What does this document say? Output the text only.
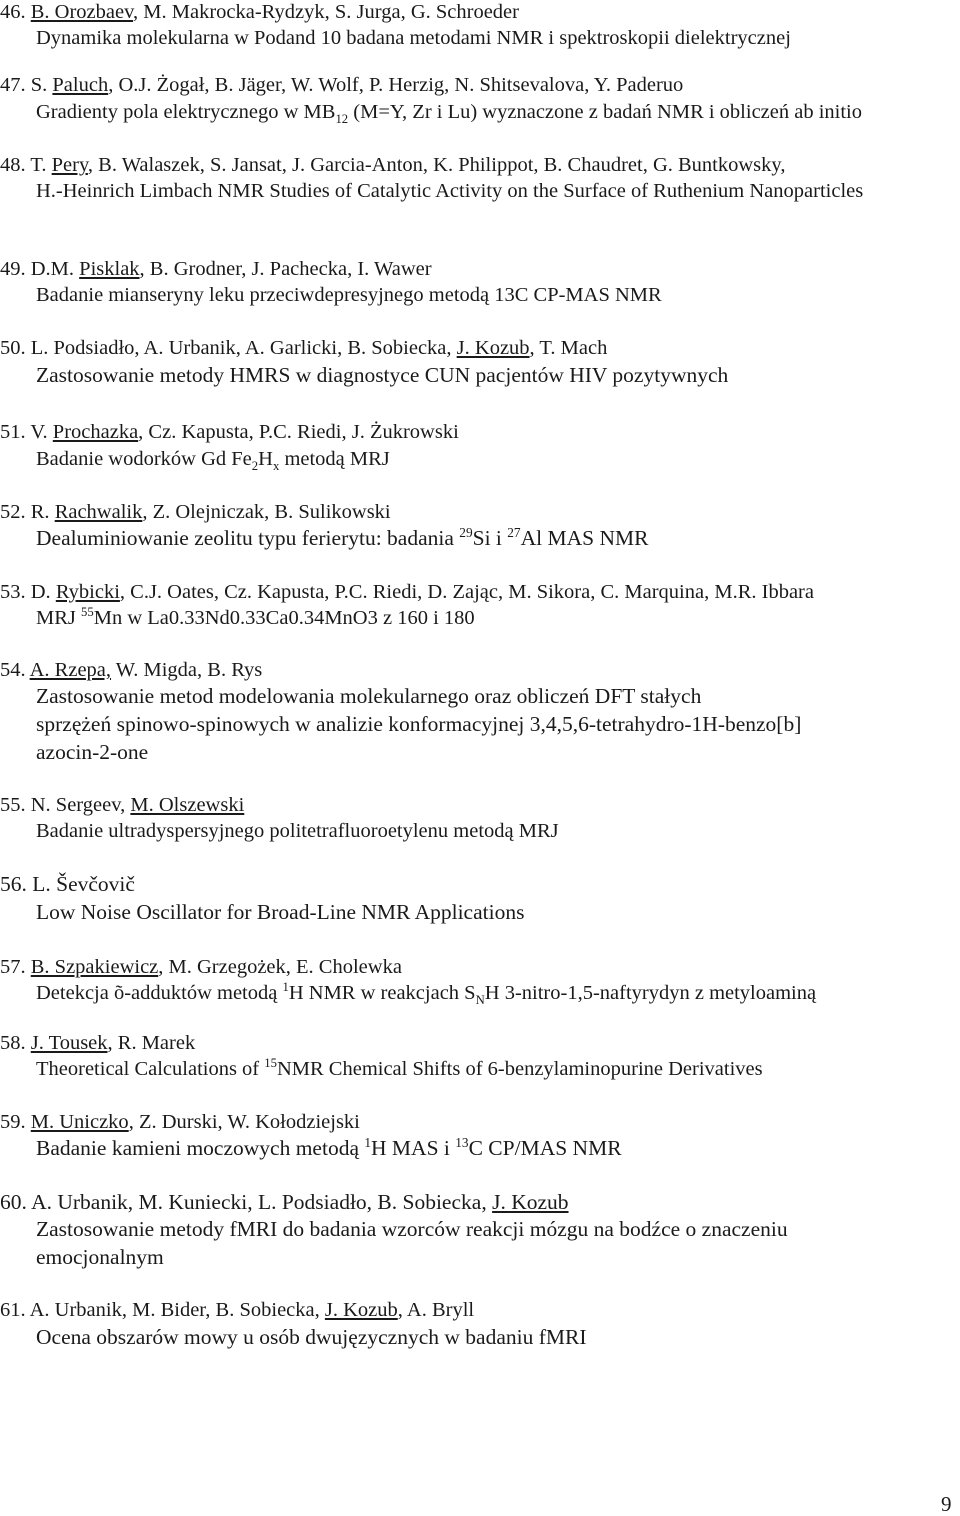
46. B. Orozbaev, M. Makrocka-Rydzyk, S. Jurga, G. Schroeder
Dynamika molekularna w Podand 10 badana metodami NMR i spektroskopii dielektrycznej
47. S. Paluch, O.J. Żogał, B. Jäger, W. Wolf, P. Herzig, N. Shitsevalova, Y. Paderuo
Gradienty pola elektrycznego w $MB_{12}$ (M=Y, Zr i Lu) wyznaczone z badań NMR i obliczeń ab initio
48. T. Pery, B. Walaszek, S. Jansat, J. Garcia-Anton, K. Philippot, B. Chaudret, G. Buntkowsky,
H.-Heinrich Limbach NMR Studies of Catalytic Activity on the Surface of Ruthenium Nanoparticles
49. D.M. Pisklak, B. Grodner, J. Pachecka, I. Wawer
Badanie mianseryny leku przeciwdepresyjnego metodą 13C CP-MAS NMR
50. L. Podsiadło, A. Urbanik, A. Garlicki, B. Sobiecka, J. Kozub, T. Mach
Zastosowanie metody HMRS w diagnostyce CUN pacjentów HIV pozytywnych
51. V. Prochazka, Cz. Kapusta, P.C. Riedi, J. Żukrowski
Badanie wodorków Gd $Fe_2H_x$ metodą MRJ
52. R. Rachwalik, Z. Olejniczak, B. Sulikowski
Dealuminiowanie zeolitu typu ferierytu: badania $^{29}$Si i $^{27}$Al MAS NMR
53. D. Rybicki, C.J. Oates, Cz. Kapusta, P.C. Riedi, D. Zając, M. Sikora, C. Marquina, M.R. Ibbara
MRJ $^{55}$Mn w La0.33Nd0.33Ca0.34MnO3 z 160 i 180
54. A. Rzepa, W. Migda, B. Rys
Zastosowanie metod modelowania molekularnego oraz obliczeń DFT stałych
sprzężeń spinowo-spinowych w analizie konformacyjnej 3,4,5,6-tetrahydro-1H-benzo[b]
azocin-2-one
55. N. Sergeev, M. Olszewski
Badanie ultradyspersyjnego politetrafluoroetylenu metodą MRJ
56. L. Ševčovič
Low Noise Oscillator for Broad-Line NMR Applications
57. B. Szpakiewicz, M. Grzegożek, E. Cholewka
Detekcja õ-adduktów metodą $^1$H NMR w reakcjach $S_NH$ 3-nitro-1,5-naftyrydyn z metyloaminą
58. J. Tousek, R. Marek
Theoretical Calculations of $^{15}$NMR Chemical Shifts of 6-benzylaminopurine Derivatives
59. M. Uniczko, Z. Durski, W. Kołodziejski
Badanie kamieni moczowych metodą $^1$H MAS i $^{13}$C CP/MAS NMR
60. A. Urbanik, M. Kuniecki, L. Podsiadło, B. Sobiecka, J. Kozub
Zastosowanie metody fMRI do badania wzorców reakcji mózgu na bodźce o znaczeniu
emocjonalnym
61. A. Urbanik, M. Bider, B. Sobiecka, J. Kozub, A. Bryll
Ocena obszarów mowy u osób dwujęzycznych w badaniu fMRI
9
